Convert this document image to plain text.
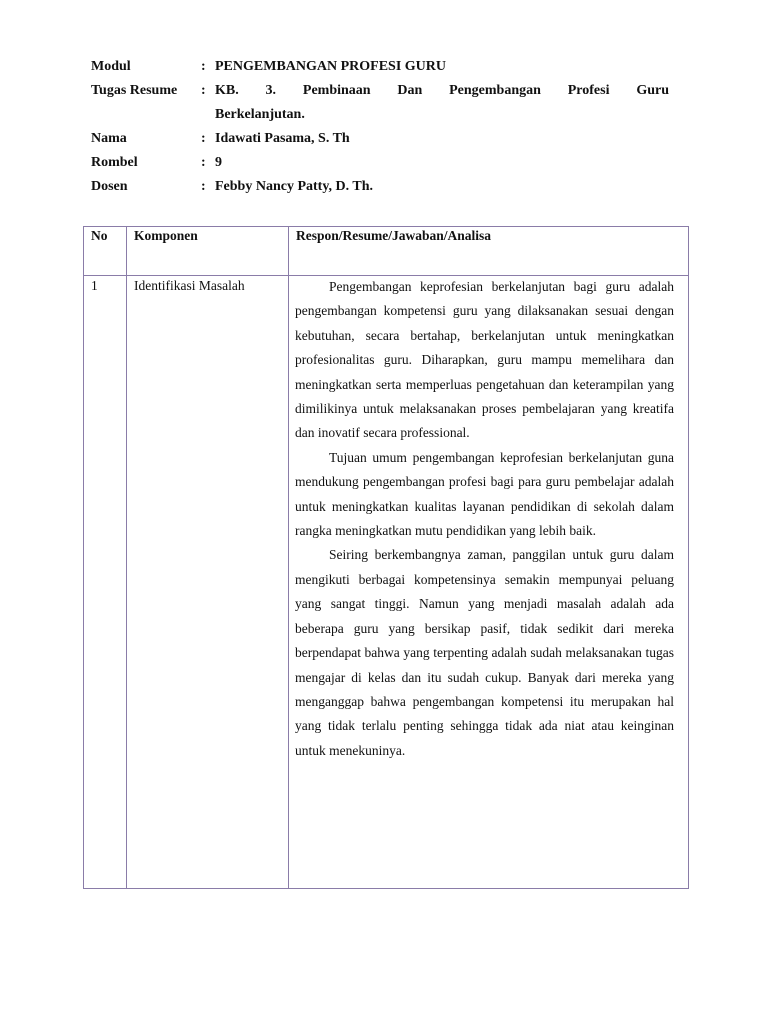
Modul	: PENGEMBANGAN PROFESI GURU
Tugas Resume	: KB. 3. Pembinaan Dan Pengembangan Profesi Guru
Berkelanjutan.
Nama	: Idawati Pasama, S. Th
Rombel	: 9
Dosen	: Febby Nancy Patty, D. Th.
No	Komponen	Respon/Resume/Jawaban/Analisa

1	Identifikasi Masalah	Pengembangan keprofesian berkelanjutan bagi guru adalah pengembangan kompetensi guru yang dilaksanakan sesuai dengan kebutuhan, secara bertahap, berkelanjutan untuk meningkatkan profesionalitas guru. Diharapkan, guru mampu memelihara dan meningkatkan serta memperluas pengetahuan dan keterampilan yang dimilikinya untuk melaksanakan proses pembelajaran yang kreatifa dan inovatif secara professional.

Tujuan umum pengembangan keprofesian berkelanjutan guna mendukung pengembangan profesi bagi para guru pembelajar adalah untuk meningkatkan kualitas layanan pendidikan di sekolah dalam rangka meningkatkan mutu pendidikan yang lebih baik.

Seiring berkembangnya zaman, panggilan untuk guru dalam mengikuti berbagai kompetensinya semakin mempunyai peluang yang sangat tinggi. Namun yang menjadi masalah adalah ada beberapa guru yang bersikap pasif, tidak sedikit dari mereka berpendapat bahwa yang terpenting adalah sudah melaksanakan tugas mengajar di kelas dan itu sudah cukup. Banyak dari mereka yang menganggap bahwa pengembangan kompetensi itu merupakan hal yang tidak terlalu penting sehingga tidak ada niat atau keinginan untuk menekuninya.
